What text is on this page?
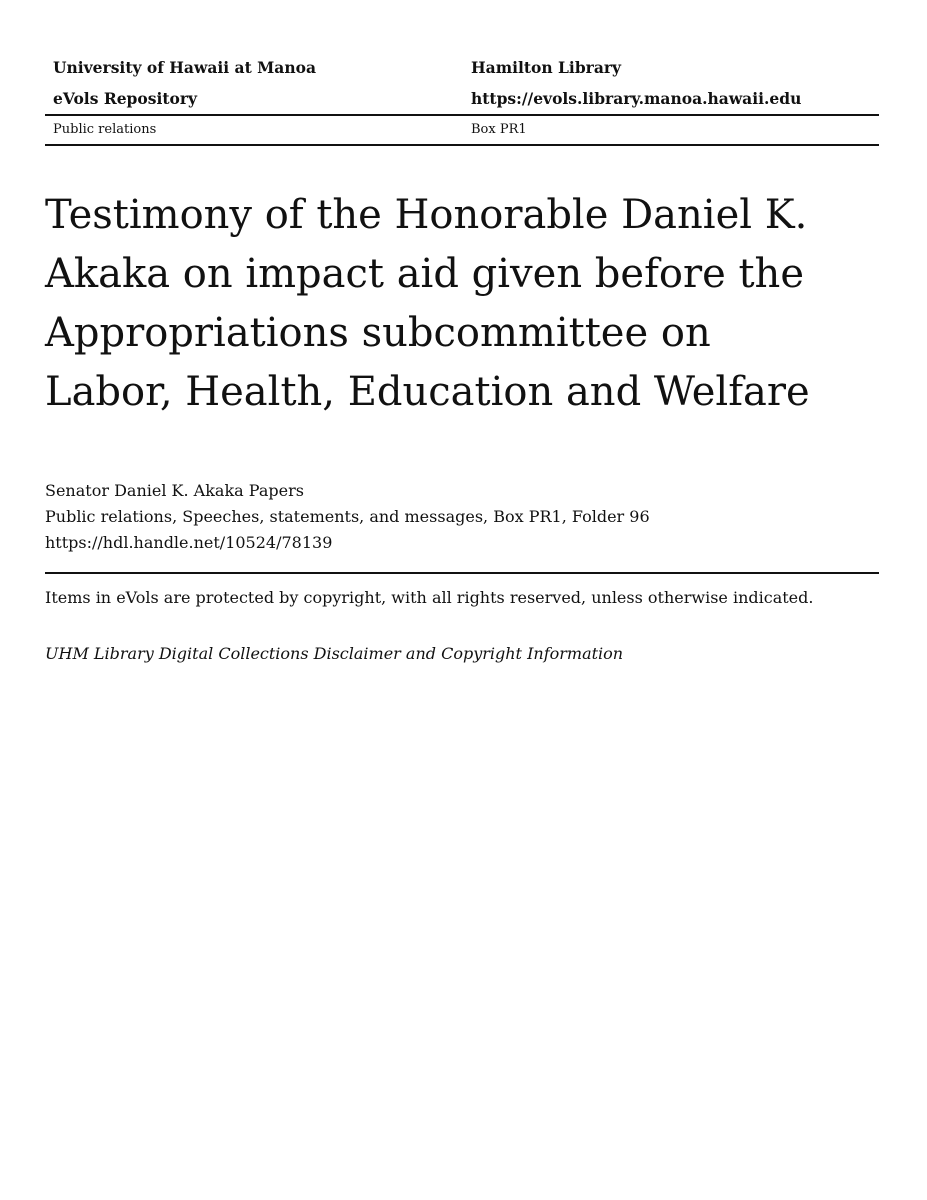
University of Hawaii at Manoa	Hamilton Library
eVols Repository	https://evols.library.manoa.hawaii.edu
Public relations	Box PR1
Testimony of the Honorable Daniel K. Akaka on impact aid given before the Appropriations subcommittee on Labor, Health, Education and Welfare
Senator Daniel K. Akaka Papers
Public relations, Speeches, statements, and messages, Box PR1, Folder 96
https://hdl.handle.net/10524/78139
Items in eVols are protected by copyright, with all rights reserved, unless otherwise indicated.
UHM Library Digital Collections Disclaimer and Copyright Information
